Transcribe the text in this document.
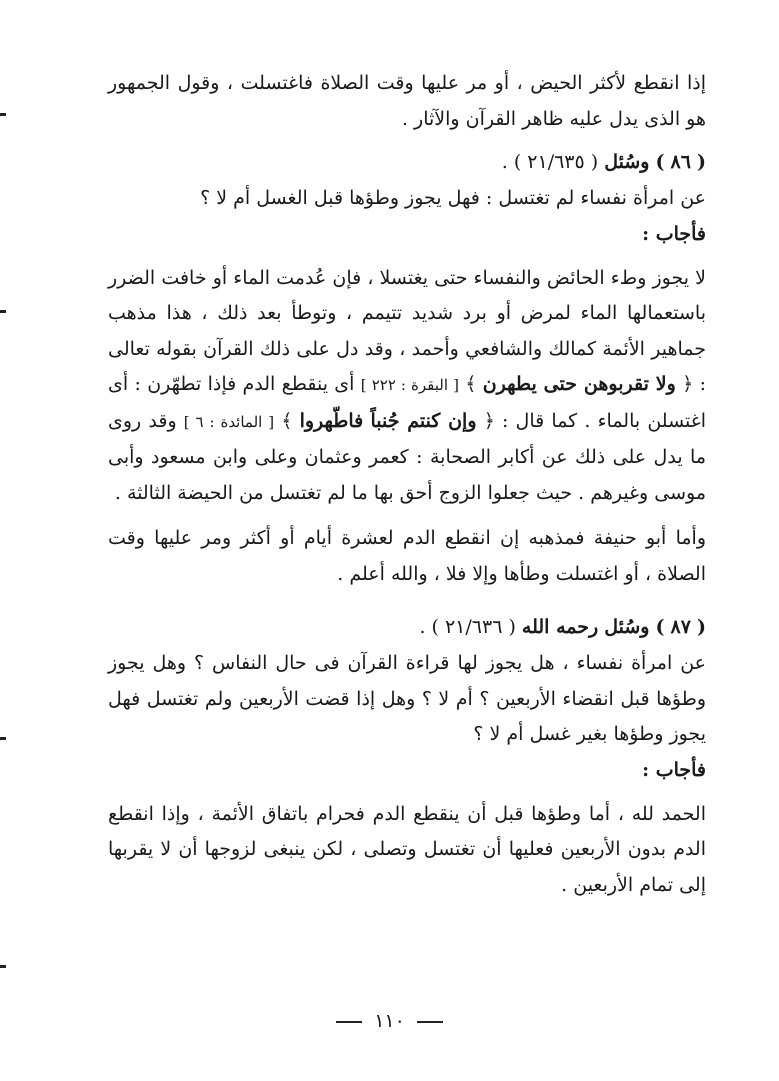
إذا انقطع لأكثر الحيض ، أو مر عليها وقت الصلاة فاغتسلت ، وقول الجمهور هو الذى يدل عليه ظاهر القرآن والآثار .

( ٨٦ ) وسُئل ( ٢١/٦٣٥ ) .

عن امرأة نفساء لم تغتسل : فهل يجوز وطؤها قبل الغسل أم لا ؟

فأجاب :

لا يجوز وطء الحائض والنفساء حتى يغتسلا ، فإن عُدمت الماء أو خافت الضرر باستعمالها الماء لمرض أو برد شديد تتيمم ، وتوطأ بعد ذلك ، هذا مذهب جماهير الأئمة كمالك والشافعي وأحمد ، وقد دل على ذلك القرآن بقوله تعالى : ﴿ ولا تقربوهن حتى يطهرن ﴾ [ البقرة : ٢٢٢ ] أى ينقطع الدم فإذا تطهّرن : أى اغتسلن بالماء . كما قال : ﴿ وإن كنتم جُنباً فاطّهروا ﴾ [ المائدة : ٦ ] وقد روى ما يدل على ذلك عن أكابر الصحابة : كعمر وعثمان وعلى وابن مسعود وأبى موسى وغيرهم . حيث جعلوا الزوج أحق بها ما لم تغتسل من الحيضة الثالثة .

وأما أبو حنيفة فمذهبه إن انقطع الدم لعشرة أيام أو أكثر ومر عليها وقت الصلاة ، أو اغتسلت وطأها وإلا فلا ، والله أعلم .

( ٨٧ ) وسُئل رحمه الله ( ٢١/٦٣٦ ) .

عن امرأة نفساء ، هل يجوز لها قراءة القرآن فى حال النفاس ؟ وهل يجوز وطؤها قبل انقضاء الأربعين ؟ أم لا ؟ وهل إذا قضت الأربعين ولم تغتسل فهل يجوز وطؤها بغير غسل أم لا ؟

فأجاب :

الحمد لله ، أما وطؤها قبل أن ينقطع الدم فحرام باتفاق الأئمة ، وإذا انقطع الدم بدون الأربعين فعليها أن تغتسل وتصلى ، لكن ينبغى لزوجها أن لا يقربها إلى تمام الأربعين .

١١٠
